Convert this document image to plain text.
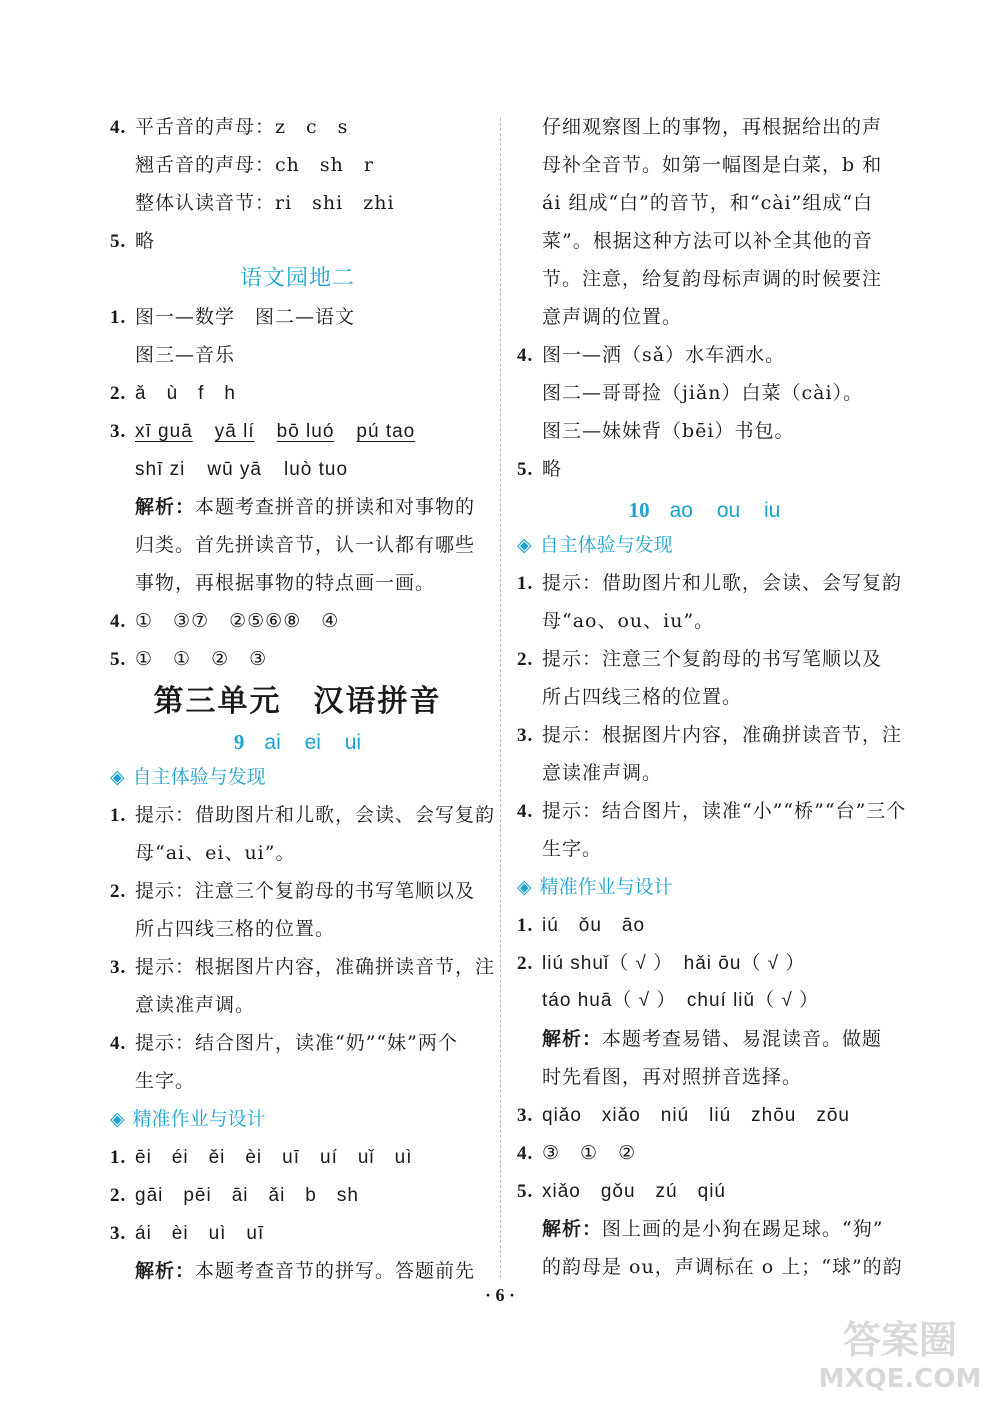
4. 平舌音的声母：z　c　s
翘舌音的声母：ch　sh　r
整体认读音节：ri　shi　zhi
5. 略
语文园地二
1. 图一—数学　图二—语文
图三—音乐
2. ǎ　ù　f　h
3. xī guā yā lí bō luó pú tao
shī zi wū yā luò tuo
解析：本题考查拼音的拼读和对事物的
归类。首先拼读音节，认一认都有哪些
事物，再根据事物的特点画一画。
4. ①　③⑦　②⑤⑥⑧　④
5. ①　①　②　③
第三单元　汉语拼音
9 ai ei ui
◈ 自主体验与发现
1. 提示：借助图片和儿歌，会读、会写复韵
母“ai、ei、ui”。
2. 提示：注意三个复韵母的书写笔顺以及
所占四线三格的位置。
3. 提示：根据图片内容，准确拼读音节，注
意读准声调。
4. 提示：结合图片，读准“奶”“妹”两个
生字。
◈ 精准作业与设计
1. ēi　éi　ěi　èi　uī　uí　uǐ　uì
2. gāi　pēi　āi　ǎi　b　sh
3. ái　èi　uì　uī
解析：本题考查音节的拼写。答题前先
仔细观察图上的事物，再根据给出的声
母补全音节。如第一幅图是白菜，b 和
ái 组成“白”的音节，和“cài”组成“白
菜”。根据这种方法可以补全其他的音
节。注意，给复韵母标声调的时候要注
意声调的位置。
4. 图一—洒（sǎ）水车洒水。
图二—哥哥捡（jiǎn）白菜（cài）。
图三—妹妹背（bēi）书包。
5. 略
10 ao ou iu
◈ 自主体验与发现
1. 提示：借助图片和儿歌，会读、会写复韵
母“ao、ou、iu”。
2. 提示：注意三个复韵母的书写笔顺以及
所占四线三格的位置。
3. 提示：根据图片内容，准确拼读音节，注
意读准声调。
4. 提示：结合图片，读准“小”“桥”“台”三个
生字。
◈ 精准作业与设计
1. iú　ǒu　āo
2. liú shuǐ（ √ ）　hǎi ōu（ √ ）
táo huā（ √ ）　chuí liǔ（ √ ）
解析：本题考查易错、易混读音。做题
时先看图，再对照拼音选择。
3. qiǎo　xiǎo　niú　liú　zhōu　zōu
4. ③　①　②
5. xiǎo　gǒu　zú　qiú
解析：图上画的是小狗在踢足球。“狗”
的韵母是 ou，声调标在 o 上；“球”的韵
· 6 ·
答案圈
MXQE.COM
